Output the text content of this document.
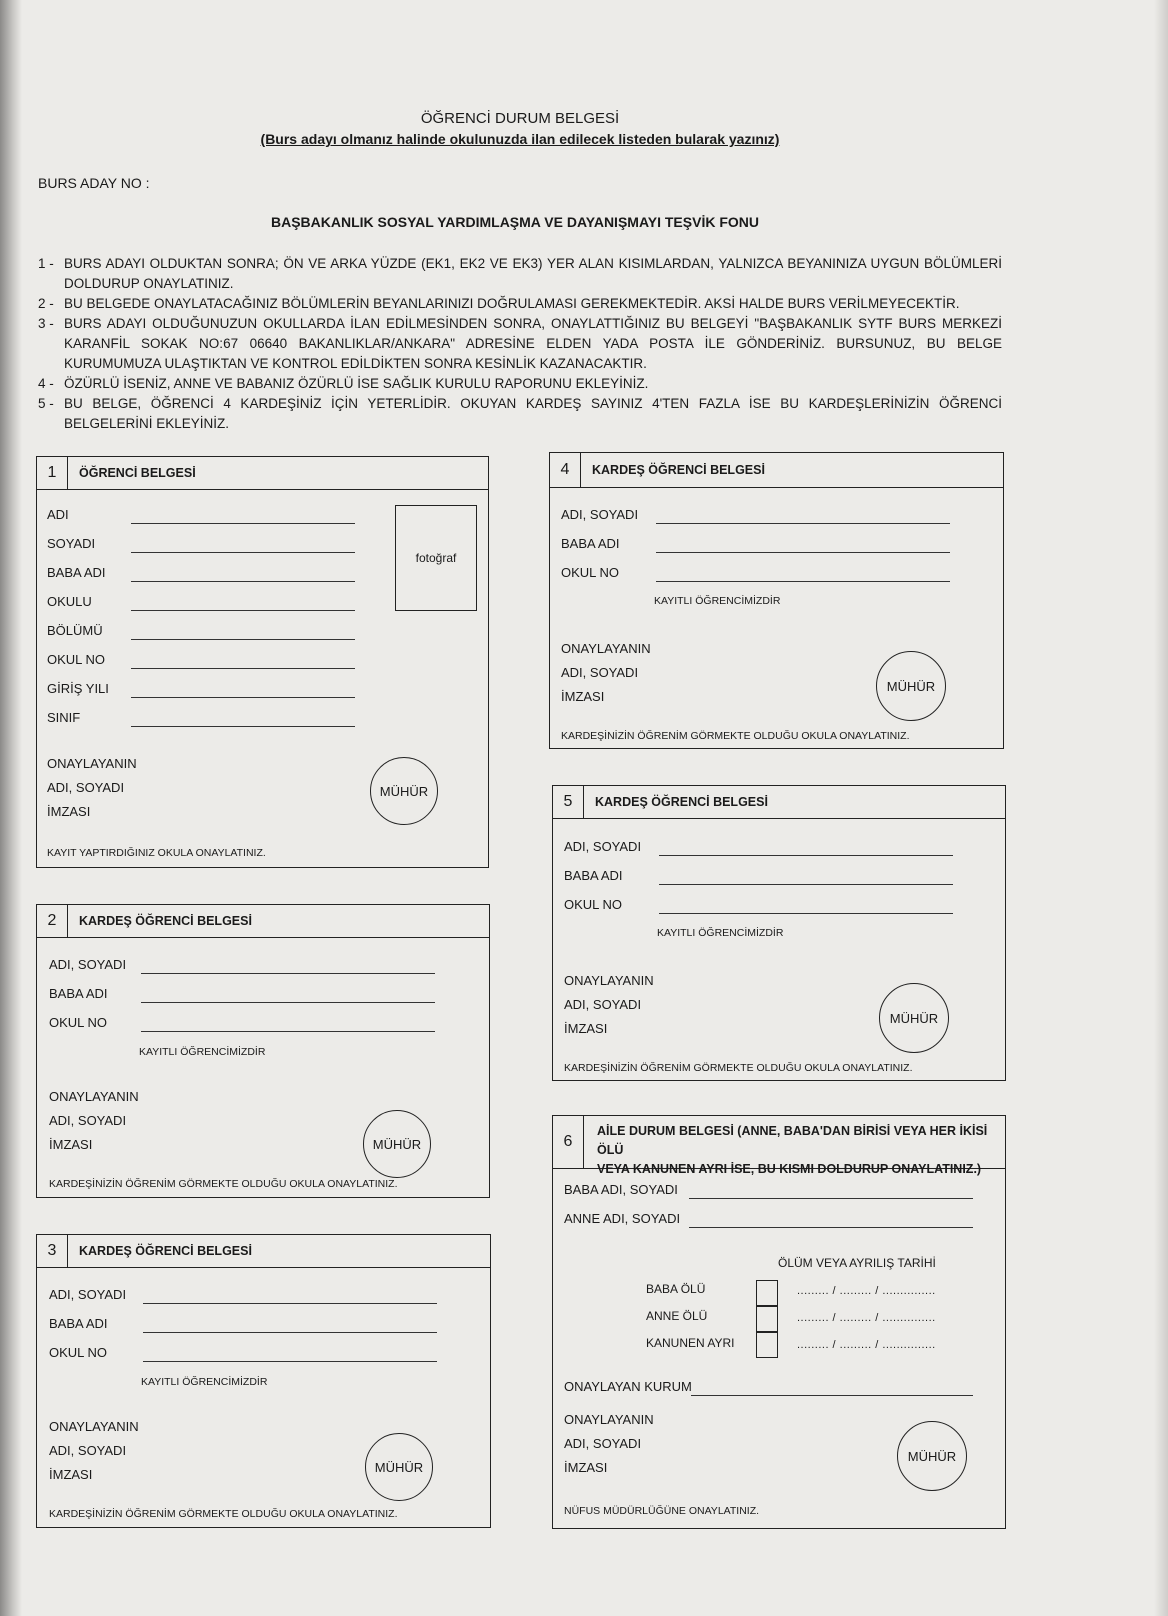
ÖĞRENCİ DURUM BELGESİ
(Burs adayı olmanız halinde okulunuzda ilan edilecek listeden bularak yazınız)
BURS ADAY NO :
BAŞBAKANLIK SOSYAL YARDIMLAŞMA VE DAYANIŞMAYI TEŞVİK FONU
1 - BURS ADAYI OLDUKTAN SONRA; ÖN VE ARKA YÜZDE (EK1, EK2 VE EK3) YER ALAN KISIMLARDAN, YALNIZCA BEYANINIZA UYGUN BÖLÜMLERİ DOLDURUP ONAYLATINIZ.
2 - BU BELGEDE ONAYLATACAĞINIZ BÖLÜMLERİN BEYANLARINIZI DOĞRULAMASI GEREKMEKTEDİR. AKSİ HALDE BURS VERİLMEYECEKTİR.
3 - BURS ADAYI OLDUĞUNUZUN OKULLARDA İLAN EDİLMESİNDEN SONRA, ONAYLATTIĞINIZ BU BELGEYİ "BAŞBAKANLIK SYTF BURS MERKEZİ KARANFİL SOKAK NO:67 06640 BAKANLIKLAR/ANKARA" ADRESİNE ELDEN YADA POSTA İLE GÖNDERİNİZ. BURSUNUZ, BU BELGE KURUMUMUZA ULAŞTIKTAN VE KONTROL EDİLDİKTEN SONRA KESİNLİK KAZANACAKTIR.
4 - ÖZÜRLÜ İSENİZ, ANNE VE BABANIZ ÖZÜRLÜ İSE SAĞLIK KURULU RAPORUNU EKLEYİNİZ.
5 - BU BELGE, ÖĞRENCİ 4 KARDEŞİNİZ İÇİN YETERLİDİR. OKUYAN KARDEŞ SAYINIZ 4'TEN FAZLA İSE BU KARDEŞLERİNİZİN ÖĞRENCİ BELGELERİNİ EKLEYİNİZ.
1	ÖĞRENCİ BELGESİ
ADI
SOYADI
BABA ADI
OKULU
BÖLÜMÜ
OKUL NO
GİRİŞ YILI
SINIF
fotoğraf
ONAYLAYANIN
ADI, SOYADI
İMZASI
MÜHÜR
KAYIT YAPTIRDIĞINIZ OKULA ONAYLATINIZ.
2	KARDEŞ ÖĞRENCİ BELGESİ
ADI, SOYADI
BABA ADI
OKUL NO
KAYITLI ÖĞRENCİMİZDİR
ONAYLAYANIN
ADI, SOYADI
İMZASI	MÜHÜR
KARDEŞİNİZİN ÖĞRENİM GÖRMEKTE OLDUĞU OKULA ONAYLATINIZ.
3	KARDEŞ ÖĞRENCİ BELGESİ
ADI, SOYADI
BABA ADI
OKUL NO
KAYITLI ÖĞRENCİMİZDİR
ONAYLAYANIN
ADI, SOYADI
İMZASI	MÜHÜR
KARDEŞİNİZİN ÖĞRENİM GÖRMEKTE OLDUĞU OKULA ONAYLATINIZ.
4	KARDEŞ ÖĞRENCİ BELGESİ
ADI, SOYADI
BABA ADI
OKUL NO
KAYITLI ÖĞRENCİMİZDİR
ONAYLAYANIN
ADI, SOYADI
İMZASI
MÜHÜR
KARDEŞİNİZİN ÖĞRENİM GÖRMEKTE OLDUĞU OKULA ONAYLATINIZ.
5	KARDEŞ ÖĞRENCİ BELGESİ
ADI, SOYADI
BABA ADI
OKUL NO
KAYITLI ÖĞRENCİMİZDİR
ONAYLAYANIN
ADI, SOYADI
İMZASI
MÜHÜR
KARDEŞİNİZİN ÖĞRENİM GÖRMEKTE OLDUĞU OKULA ONAYLATINIZ.
6
AİLE DURUM BELGESİ (ANNE, BABA'DAN BİRİSİ VEYA HER İKİSİ ÖLÜ
VEYA KANUNEN AYRI İSE, BU KISMI DOLDURUP ONAYLATINIZ.)
BABA ADI, SOYADI
ANNE ADI, SOYADI
ÖLÜM VEYA AYRILIŞ TARİHİ
BABA ÖLÜ	......... / ......... / ...............
ANNE ÖLÜ	......... / ......... / ...............
KANUNEN AYRI	......... / ......... / ...............
ONAYLAYAN KURUM
ONAYLAYANIN
ADI, SOYADI
İMZASI
MÜHÜR
NÜFUS MÜDÜRLÜĞÜNE ONAYLATINIZ.
